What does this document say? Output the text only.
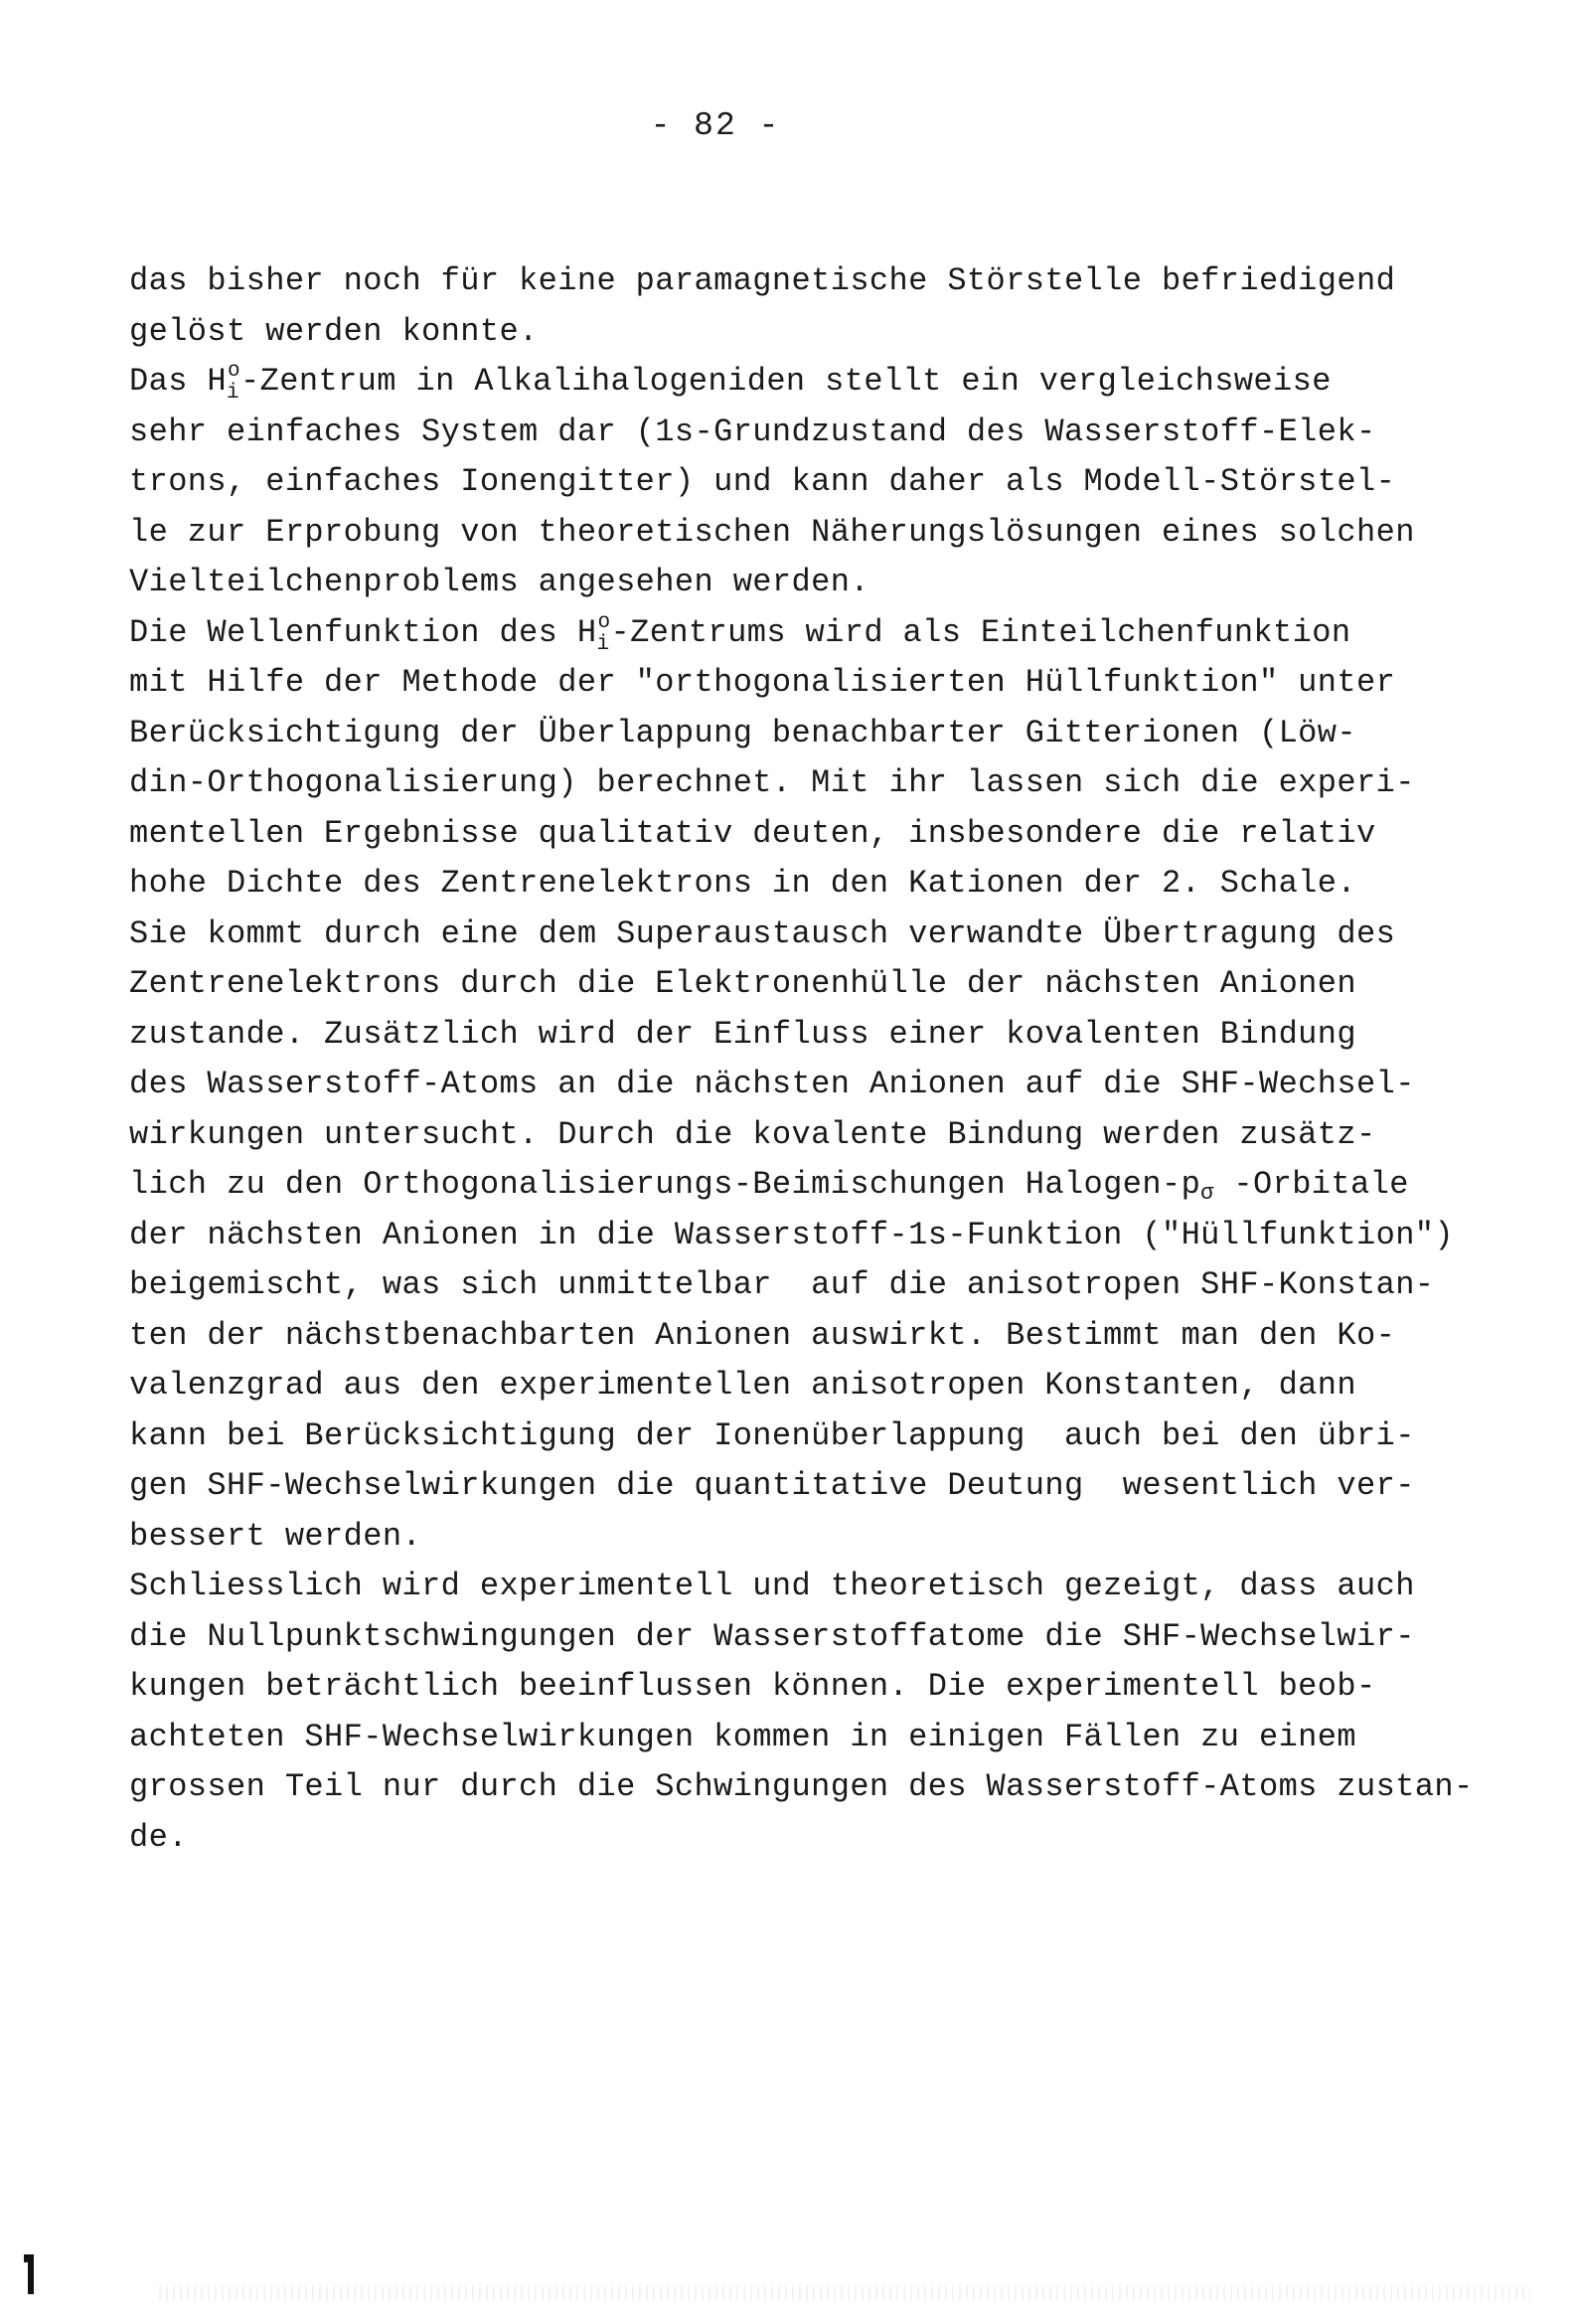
- 82 -
das bisher noch für keine paramagnetische Störstelle befriedigend
gelöst werden konnte.
Das $H_i^o$-Zentrum in Alkalihalogeniden stellt ein vergleichsweise
sehr einfaches System dar (1s-Grundzustand des Wasserstoff-Elek-
trons, einfaches Ionengitter) und kann daher als Modell-Störstel-
le zur Erprobung von theoretischen Näherungslösungen eines solchen
Vielteilchenproblems angesehen werden.
Die Wellenfunktion des $H_i^o$-Zentrums wird als Einteilchenfunktion
mit Hilfe der Methode der "orthogonalisierten Hüllfunktion" unter
Berücksichtigung der Überlappung benachbarter Gitterionen (Löw-
din-Orthogonalisierung) berechnet. Mit ihr lassen sich die experi-
mentellen Ergebnisse qualitativ deuten, insbesondere die relativ
hohe Dichte des Zentrenelektrons in den Kationen der 2. Schale.
Sie kommt durch eine dem Superaustausch verwandte Übertragung des
Zentrenelektrons durch die Elektronenhülle der nächsten Anionen
zustande. Zusätzlich wird der Einfluss einer kovalenten Bindung
des Wasserstoff-Atoms an die nächsten Anionen auf die SHF-Wechsel-
wirkungen untersucht. Durch die kovalente Bindung werden zusätz-
lich zu den Orthogonalisierungs-Beimischungen Halogen-pσ -Orbitale
der nächsten Anionen in die Wasserstoff-1s-Funktion ("Hüllfunktion")
beigemischt, was sich unmittelbar  auf die anisotropen SHF-Konstan-
ten der nächstbenachbarten Anionen auswirkt. Bestimmt man den Ko-
valenzgrad aus den experimentellen anisotropen Konstanten, dann
kann bei Berücksichtigung der Ionenüberlappung  auch bei den übri-
gen SHF-Wechselwirkungen die quantitative Deutung  wesentlich ver-
bessert werden.
Schliesslich wird experimentell und theoretisch gezeigt, dass auch
die Nullpunktschwingungen der Wasserstoffatome die SHF-Wechselwir-
kungen beträchtlich beeinflussen können. Die experimentell beob-
achteten SHF-Wechselwirkungen kommen in einigen Fällen zu einem
grossen Teil nur durch die Schwingungen des Wasserstoff-Atoms zustan-
de.
